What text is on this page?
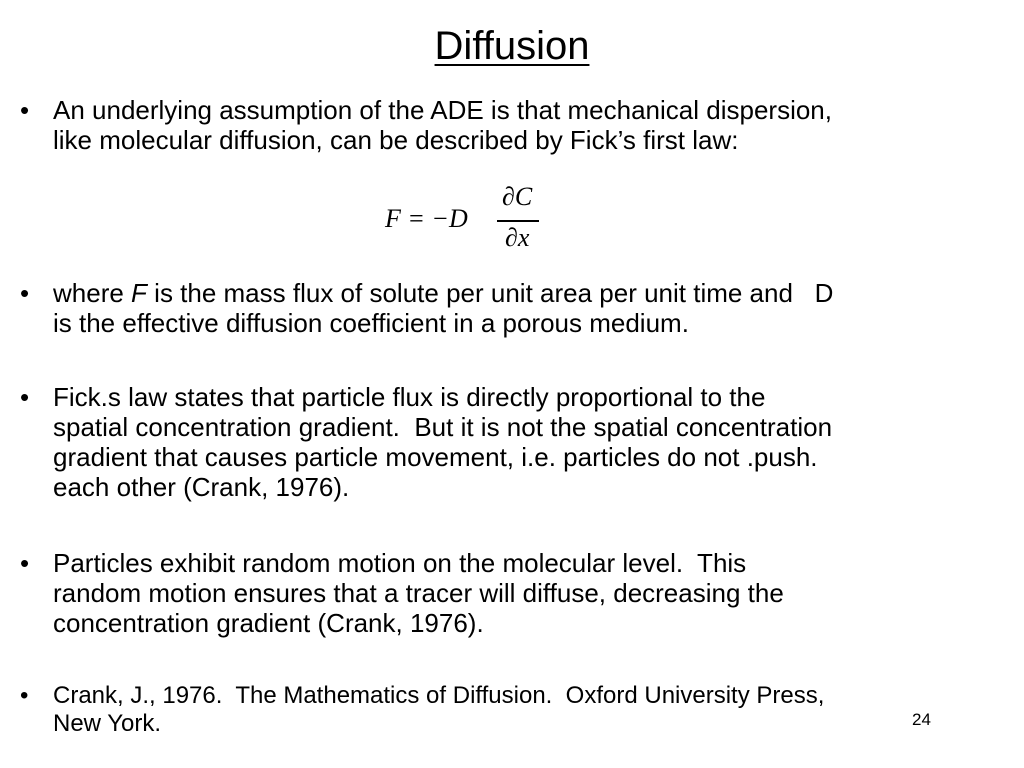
Diffusion
• An underlying assumption of the ADE is that mechanical dispersion,
like molecular diffusion, can be described by Fick’s first law:
F = −D
∂C
∂x
• where F is the mass flux of solute per unit area per unit time and   D
is the effective diffusion coefficient in a porous medium.
• Fick.s law states that particle flux is directly proportional to the
spatial concentration gradient.  But it is not the spatial concentration
gradient that causes particle movement, i.e. particles do not .push.
each other (Crank, 1976).
• Particles exhibit random motion on the molecular level.  This
random motion ensures that a tracer will diffuse, decreasing the
concentration gradient (Crank, 1976).
• Crank, J., 1976.  The Mathematics of Diffusion.  Oxford University Press,
New York.	24
